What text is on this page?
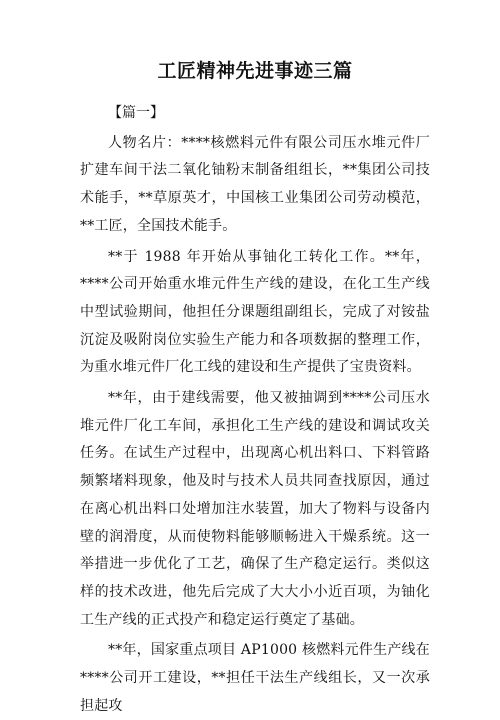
工匠精神先进事迹三篇
【篇一】

人物名片：****核燃料元件有限公司压水堆元件厂扩建车间干法二氧化铀粉末制备组组长，**集团公司技术能手，**草原英才，中国核工业集团公司劳动模范，**工匠，全国技术能手。

**于 1988 年开始从事铀化工转化工作。**年，****公司开始重水堆元件生产线的建设，在化工生产线中型试验期间，他担任分课题组副组长，完成了对铵盐沉淀及吸附岗位实验生产能力和各项数据的整理工作，为重水堆元件厂化工线的建设和生产提供了宝贵资料。

**年，由于建线需要，他又被抽调到****公司压水堆元件厂化工车间，承担化工生产线的建设和调试攻关任务。在试生产过程中，出现离心机出料口、下料管路频繁堵料现象，他及时与技术人员共同查找原因，通过在离心机出料口处增加注水装置，加大了物料与设备内壁的润滑度，从而使物料能够顺畅进入干燥系统。这一举措进一步优化了工艺，确保了生产稳定运行。类似这样的技术改进，他先后完成了大大小小近百项，为铀化工生产线的正式投产和稳定运行奠定了基础。

**年，国家重点项目 AP1000 核燃料元件生产线在****公司开工建设，**担任干法生产线组长，又一次承担起攻
